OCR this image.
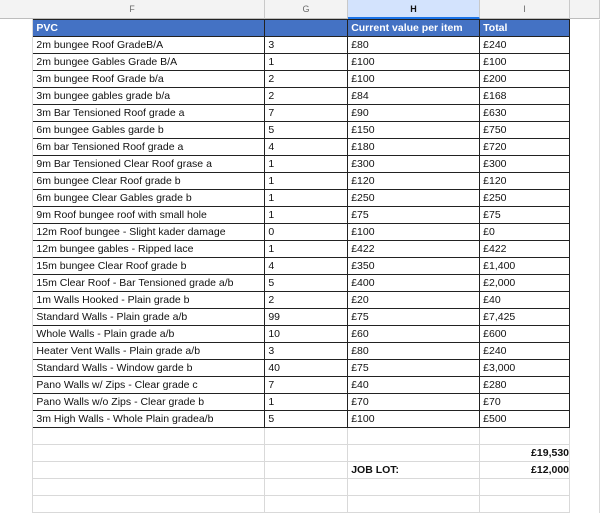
F	G	H	I
	PVC		Current value per item	Total	
	2m bungee Roof GradeB/A	3	£80	£240	
	2m bungee Gables Grade B/A	1	£100	£100	
	3m bungee Roof Grade b/a	2	£100	£200	
	3m bungee gables grade b/a	2	£84	£168	
	3m Bar Tensioned Roof grade a	7	£90	£630	
	6m bungee Gables garde b	5	£150	£750	
	6m bar Tensioned Roof grade a	4	£180	£720	
	9m Bar Tensioned Clear Roof grase a	1	£300	£300	
	6m bungee Clear Roof grade b	1	£120	£120	
	6m bungee Clear Gables grade b	1	£250	£250	
	9m Roof bungee roof with small hole	1	£75	£75	
	12m Roof bungee - Slight kader damage	0	£100	£0	
	12m bungee gables - Ripped lace	1	£422	£422	
	15m bungee Clear Roof grade b	4	£350	£1,400	
	15m Clear Roof - Bar Tensioned grade a/b	5	£400	£2,000	
	1m Walls Hooked - Plain grade b	2	£20	£40	
	Standard Walls - Plain grade a/b	99	£75	£7,425	
	Whole Walls - Plain grade a/b	10	£60	£600	
	Heater Vent Walls - Plain grade a/b	3	£80	£240	
	Standard Walls - Window garde b	40	£75	£3,000	
	Pano Walls w/ Zips - Clear grade c	7	£40	£280	
	Pano Walls w/o Zips - Clear grade b	1	£70	£70	
	3m High Walls - Whole Plain gradea/b	5	£100	£500	

				£19,530	
			JOB LOT:	£12,000	
